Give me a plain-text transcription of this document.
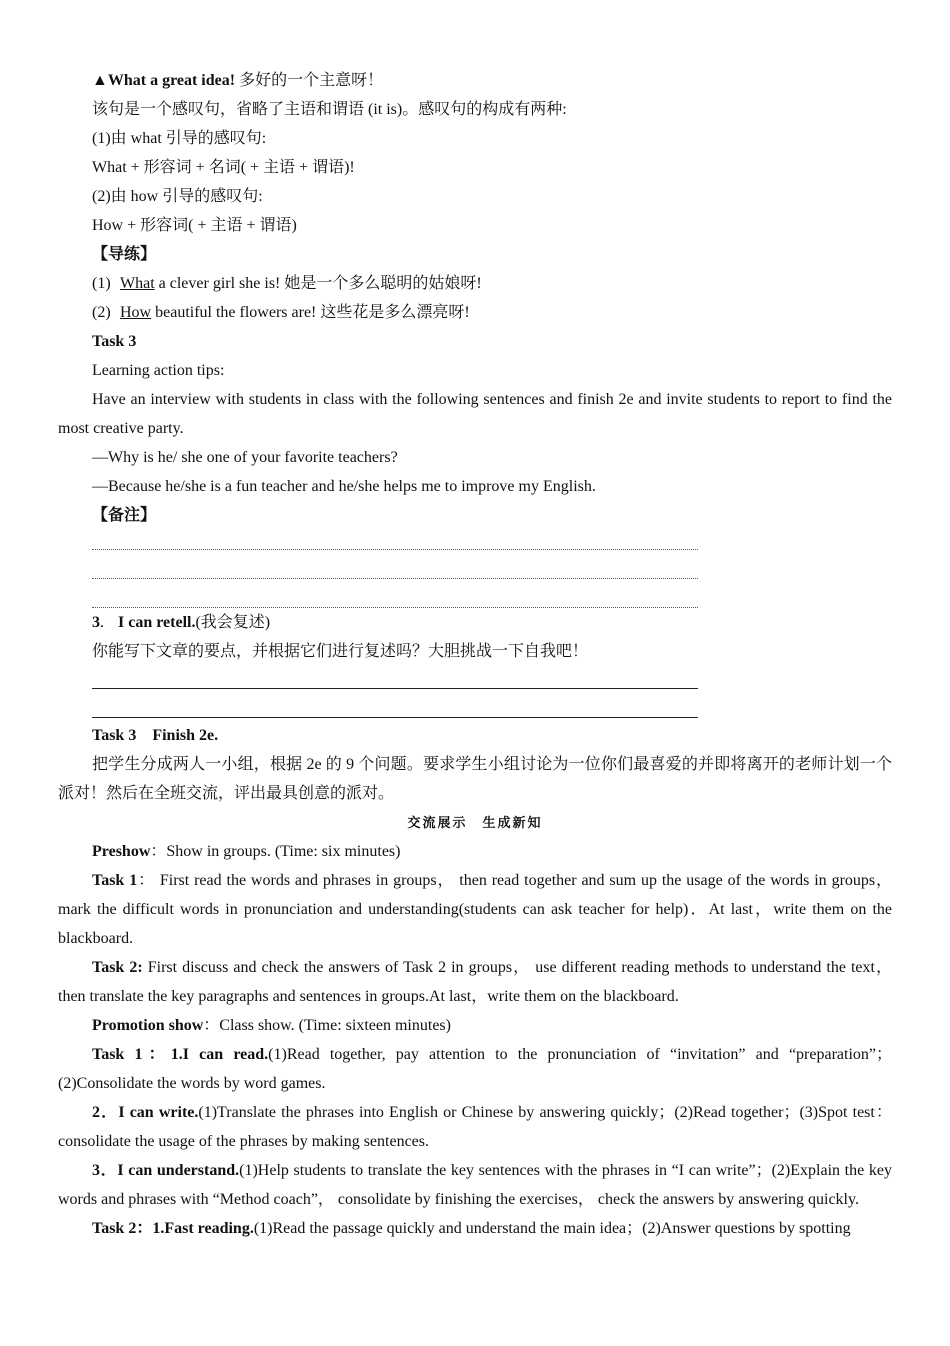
▲What a great idea! 多好的一个主意呀！

该句是一个感叹句，省略了主语和谓语 (it is)。感叹句的构成有两种:

(1)由 what 引导的感叹句:

What + 形容词 + 名词( + 主语 + 谓语)!

(2)由 how 引导的感叹句:

How + 形容词( + 主语 + 谓语)

【导练】

(1) What a clever girl she is! 她是一个多么聪明的姑娘呀!

(2) How beautiful the flowers are! 这些花是多么漂亮呀!

Task 3

Learning action tips:

Have an interview with students in class with the following sentences and finish 2e and invite students to report to find the most creative party.

—Why is he/ she one of your favorite teachers?

—Because he/she is a fun teacher and he/she helps me to improve my English.

【备注】

3. I can retell.(我会复述)

你能写下文章的要点，并根据它们进行复述吗？大胆挑战一下自我吧！

Task 3　Finish 2e.

把学生分成两人一小组，根据 2e 的 9 个问题。要求学生小组讨论为一位你们最喜爱的并即将离开的老师计划一个派对！然后在全班交流，评出最具创意的派对。

交流展示　生成新知

Preshow：Show in groups. (Time: six minutes)

Task 1： First read the words and phrases in groups， then read together and sum up the usage of the words in groups，mark the difficult words in pronunciation and understanding(students can ask teacher for help)．At last，write them on the blackboard.

Task 2: First discuss and check the answers of Task 2 in groups， use different reading methods to understand the text，then translate the key paragraphs and sentences in groups.At last，write them on the blackboard.

Promotion show：Class show. (Time: sixteen minutes)

Task 1：1.I can read.(1)Read together, pay attention to the pronunciation of “invitation” and “preparation”；(2)Consolidate the words by word games.

2．I can write.(1)Translate the phrases into English or Chinese by answering quickly；(2)Read together；(3)Spot test：consolidate the usage of the phrases by making sentences.

3．I can understand.(1)Help students to translate the key sentences with the phrases in “I can write”；(2)Explain the key words and phrases with “Method coach”， consolidate by finishing the exercises， check the answers by answering quickly.

Task 2：1.Fast reading.(1)Read the passage quickly and understand the main idea；(2)Answer questions by spotting
